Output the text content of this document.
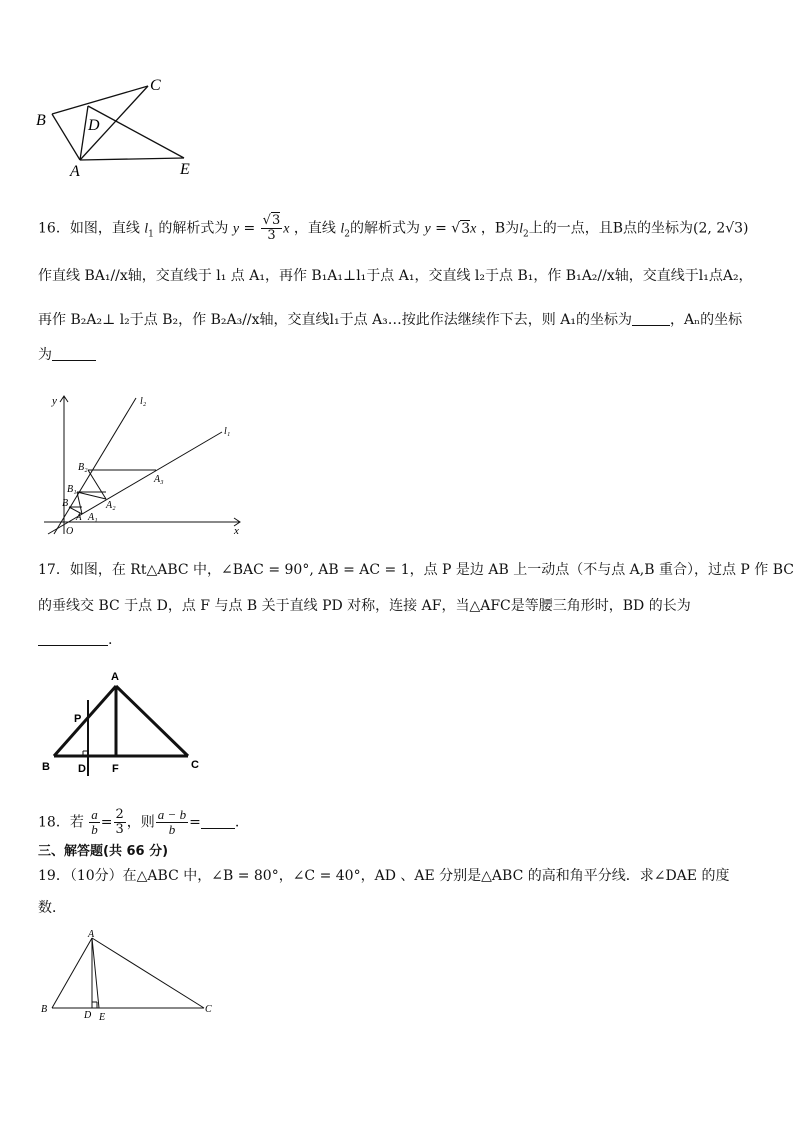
B
C
D
A	E
16．如图，直线 $l_1$ 的解析式为 $y = \frac{√3}{3}$ x ，直线 $l_2$的解析式为 y = √3x ，B为$l_2$上的一点，且B点的坐标为(2, 2√3)
作直线 BA₁//x轴，交直线于 l₁ 点 A₁，再作 B₁A₁⊥l₁于点 A₁，交直线 l₂于点 B₁，作 B₁A₂//x轴，交直线于l₁点A₂，
再作 B₂A₂⊥ l₂于点 B₂，作 B₂A₃//x轴，交直线l₁于点 A₃…按此作法继续作下去，则 A₁的坐标为	，Aₙ的坐标
为
y
x
O
l₂
l₁
B₂
B₁
B
A A₁
A₂
A₃
17．如图，在 Rt△ABC 中，∠BAC = 90°, AB = AC = 1，点 P 是边 AB 上一动点（不与点 A,B 重合），过点 P 作 BC
的垂线交 BC 于点 D，点 F 与点 B 关于直线 PD 对称，连接 AF，当△AFC是等腰三角形时，BD 的长为
.
A
P
B	D F	C
18．若 $\frac{a}{b} = \frac{2}{3}$ ，则 $\frac{a - b}{b}$ = .
三、解答题(共 66 分)
19．（10分）在△ABC 中，∠B = 80°，∠C = 40°，AD 、AE 分别是△ABC 的高和角平分线．求∠DAE 的度
数．
A
B	C
D E
